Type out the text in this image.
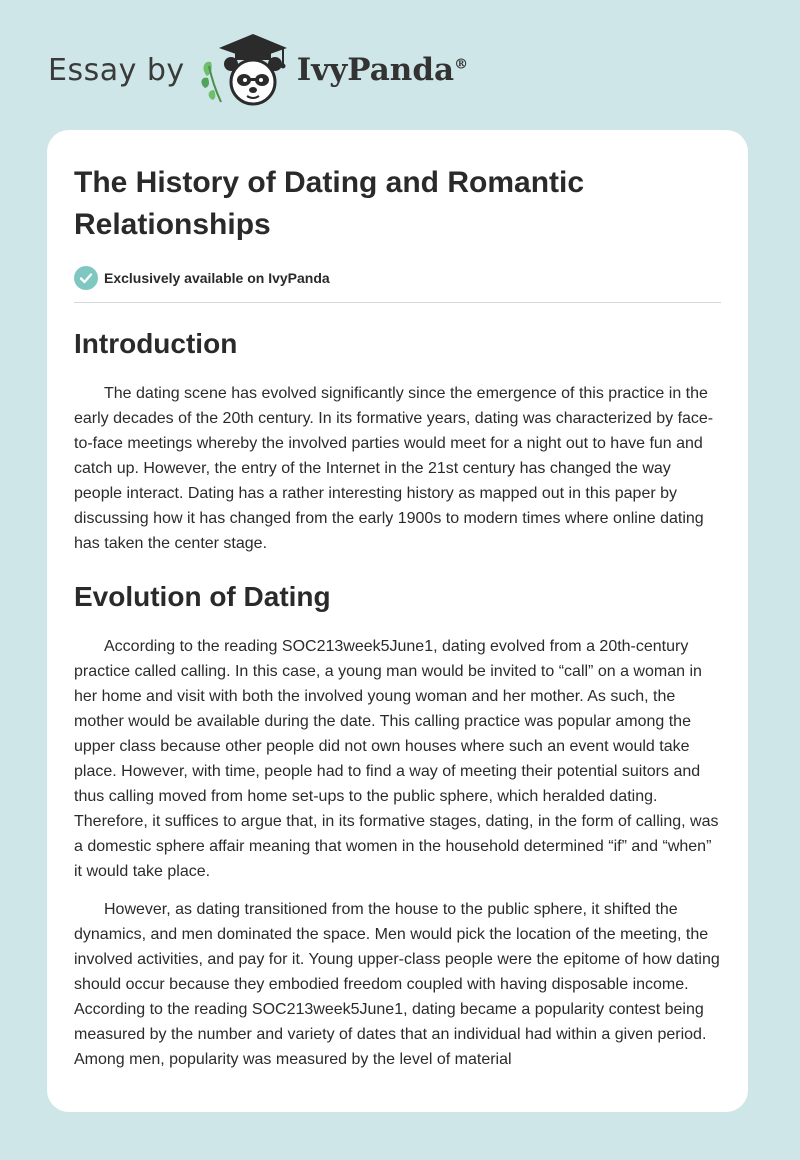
Essay by	IvyPanda®
The History of Dating and Romantic Relationships
Exclusively available on IvyPanda
Introduction

The dating scene has evolved significantly since the emergence of this practice in the early decades of the 20th century. In its formative years, dating was characterized by face-to-face meetings whereby the involved parties would meet for a night out to have fun and catch up. However, the entry of the Internet in the 21st century has changed the way people interact. Dating has a rather interesting history as mapped out in this paper by discussing how it has changed from the early 1900s to modern times where online dating has taken the center stage.

Evolution of Dating

According to the reading SOC213week5June1, dating evolved from a 20th-century practice called calling. In this case, a young man would be invited to “call” on a woman in her home and visit with both the involved young woman and her mother. As such, the mother would be available during the date. This calling practice was popular among the upper class because other people did not own houses where such an event would take place. However, with time, people had to find a way of meeting their potential suitors and thus calling moved from home set-ups to the public sphere, which heralded dating. Therefore, it suffices to argue that, in its formative stages, dating, in the form of calling, was a domestic sphere affair meaning that women in the household determined “if” and “when” it would take place.

However, as dating transitioned from the house to the public sphere, it shifted the dynamics, and men dominated the space. Men would pick the location of the meeting, the involved activities, and pay for it. Young upper-class people were the epitome of how dating should occur because they embodied freedom coupled with having disposable income. According to the reading SOC213week5June1, dating became a popularity contest being measured by the number and variety of dates that an individual had within a given period. Among men, popularity was measured by the level of material
